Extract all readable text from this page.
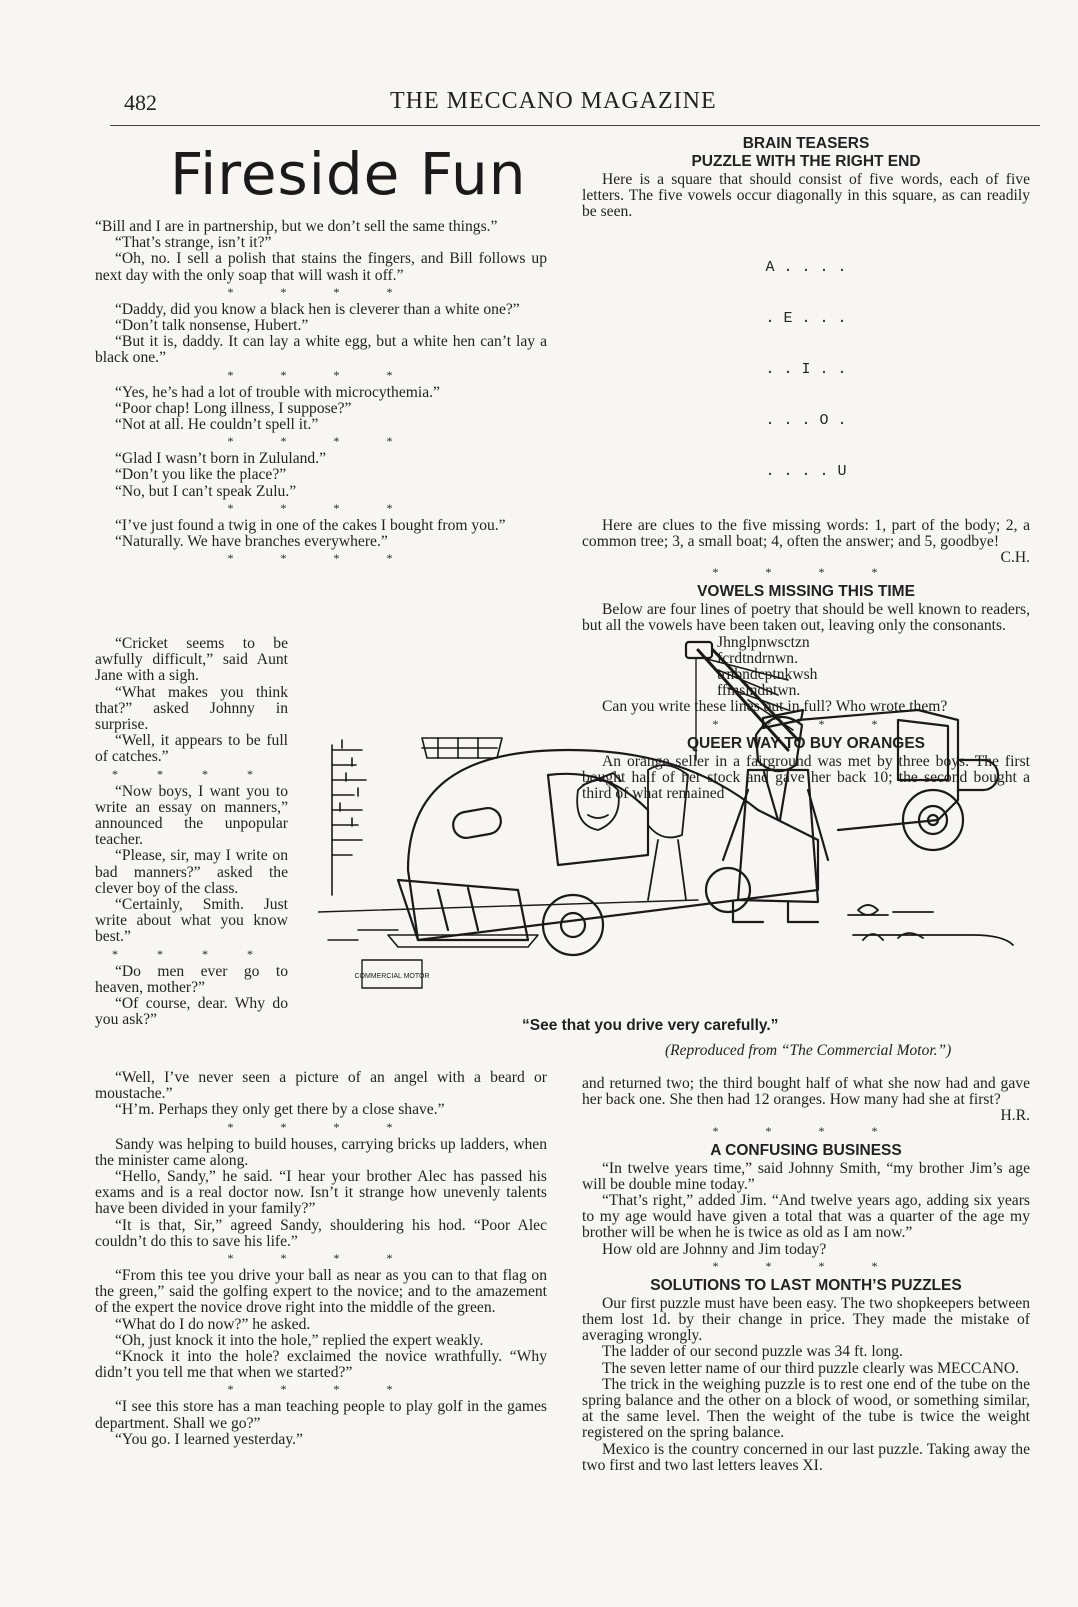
482	THE MECCANO MAGAZINE
Fireside Fun

“Bill and I are in partnership, but we don’t sell the same things.”

“That’s strange, isn’t it?”

“Oh, no. I sell a polish that stains the fingers, and Bill follows up next day with the only soap that will wash it off.”

* * * *

“Daddy, did you know a black hen is cleverer than a white one?”

“Don’t talk nonsense, Hubert.”

“But it is, daddy. It can lay a white egg, but a white hen can’t lay a black one.”

* * * *

“Yes, he’s had a lot of trouble with microcythemia.”

“Poor chap! Long illness, I suppose?”

“Not at all. He couldn’t spell it.”

* * * *

“Glad I wasn’t born in Zululand.”

“Don’t you like the place?”

“No, but I can’t speak Zulu.”

* * * *

“I’ve just found a twig in one of the cakes I bought from you.”

“Naturally. We have branches everywhere.”

* * * *

“Cricket seems to be awfully difficult,” said Aunt Jane with a sigh.

“What makes you think that?” asked Johnny in surprise.

“Well, it appears to be full of catches.”

* * * *

“Now boys, I want you to write an essay on manners,” announced the unpopular teacher.

“Please, sir, may I write on bad manners?” asked the clever boy of the class.

“Certainly, Smith. Just write about what you know best.”

* * * *

“Do men ever go to heaven, mother?”

“Of course, dear. Why do you ask?”

“Well, I’ve never seen a picture of an angel with a beard or moustache.”

“H’m. Perhaps they only get there by a close shave.”

* * * *

Sandy was helping to build houses, carrying bricks up ladders, when the minister came along.

“Hello, Sandy,” he said. “I hear your brother Alec has passed his exams and is a real doctor now. Isn’t it strange how unevenly talents have been divided in your family?”

“It is that, Sir,” agreed Sandy, shouldering his hod. “Poor Alec couldn’t do this to save his life.”

* * * *

“From this tee you drive your ball as near as you can to that flag on the green,” said the golfing expert to the novice; and to the amazement of the expert the novice drove right into the middle of the green.

“What do I do now?” he asked.

“Oh, just knock it into the hole,” replied the expert weakly.

“Knock it into the hole? exclaimed the novice wrathfully. “Why didn’t you tell me that when we started?”

* * * *

“I see this store has a man teaching people to play golf in the games department. Shall we go?”

“You go. I learned yesterday.”

BRAIN TEASERS
PUZZLE WITH THE RIGHT END

Here is a square that should consist of five words, each of five letters. The five vowels occur diagonally in this square, as can readily be seen.

A . . . .

. E . . .

. . I . .

. . . O .

. . . . U

Here are clues to the five missing words: 1, part of the body; 2, a common tree; 3, a small boat; 4, often the answer; and 5, goodbye!
C.H.

* * * *
VOWELS MISSING THIS TIME

Below are four lines of poetry that should be well known to readers, but all the vowels have been taken out, leaving only the consonants.

Jhnglpnwsctzn
fcrdtndrnwn.
trnbndcptnkwsh
ffmslndntwn.

Can you write these lines out in full? Who wrote them?

* * * *
QUEER WAY TO BUY ORANGES

An orange seller in a fairground was met by three boys. The first bought half of her stock and gave her back 10; the second bought a third of what remained

COMMERCIAL MOTOR
“See that you drive very carefully.”
(Reproduced from “The Commercial Motor.”)

and returned two; the third bought half of what she now had and gave her back one. She then had 12 oranges. How many had she at first?
H.R.

* * * *
A CONFUSING BUSINESS

“In twelve years time,” said Johnny Smith, “my brother Jim’s age will be double mine today.”

“That’s right,” added Jim. “And twelve years ago, adding six years to my age would have given a total that was a quarter of the age my brother will be when he is twice as old as I am now.”

How old are Johnny and Jim today?

* * * *
SOLUTIONS TO LAST MONTH’S PUZZLES

Our first puzzle must have been easy. The two shopkeepers between them lost 1d. by their change in price. They made the mistake of averaging wrongly.

The ladder of our second puzzle was 34 ft. long.

The seven letter name of our third puzzle clearly was MECCANO.

The trick in the weighing puzzle is to rest one end of the tube on the spring balance and the other on a block of wood, or something similar, at the same level. Then the weight of the tube is twice the weight registered on the spring balance.

Mexico is the country concerned in our last puzzle. Taking away the two first and two last letters leaves XI.
